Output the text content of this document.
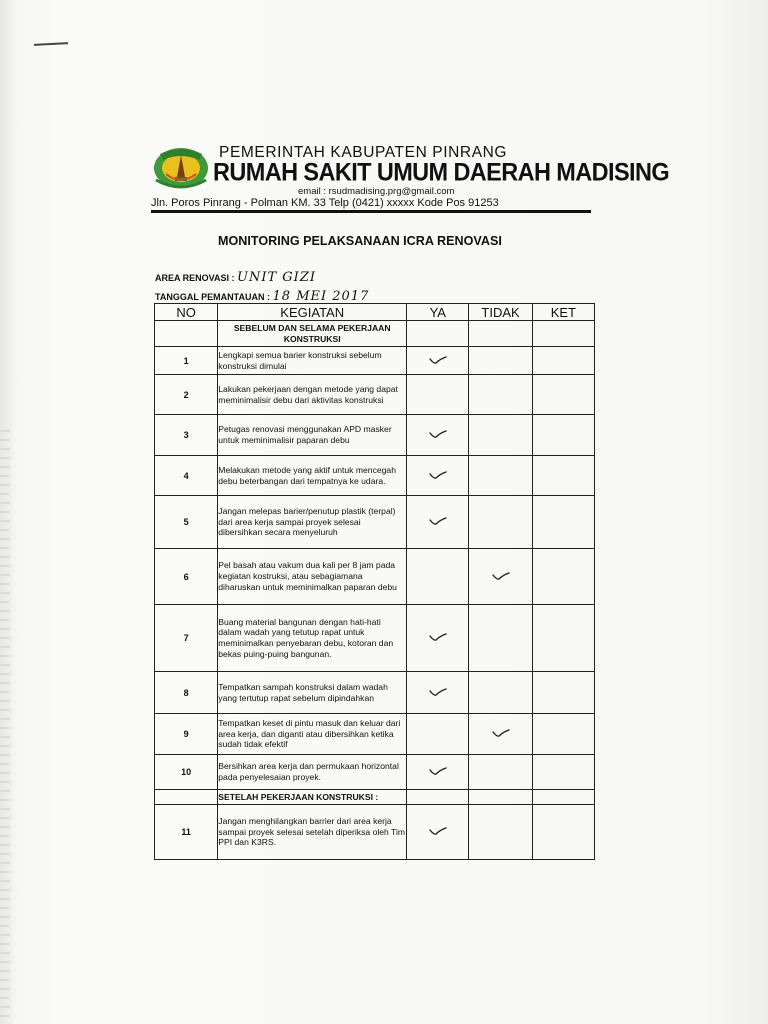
PEMERINTAH KABUPATEN PINRANG
RUMAH SAKIT UMUM DAERAH MADISING
email : rsudmadising.prg@gmail.com
Jln. Poros Pinrang - Polman KM. 33 Telp (0421) xxxxx Kode Pos 91253
MONITORING PELAKSANAAN ICRA RENOVASI
AREA RENOVASI : UNIT GIZI
TANGGAL PEMANTAUAN : 18 MEI 2017
NO	KEGIATAN	YA	TIDAK	KET
	SEBELUM DAN SELAMA PEKERJAAN KONSTRUKSI			
1	Lengkapi semua barier konstruksi sebelum konstruksi dimulai			
2	Lakukan pekerjaan dengan metode yang dapat meminimalisir debu dari aktivitas konstruksi			
3	Petugas renovasi menggunakan APD masker untuk meminimalisir paparan debu			
4	Melakukan metode yang aktif untuk mencegah debu beterbangan dari tempatnya ke udara.			
5	Jangan melepas barier/penutup plastik (terpal) dari area kerja sampai proyek selesai dibersihkan secara menyeluruh			
6	Pel basah atau vakum dua kali per 8 jam pada kegiatan kostruksi, atau sebagiamana diharuskan untuk meminimalkan paparan debu			
7	Buang material bangunan dengan hati-hati dalam wadah yang tetutup rapat untuk meminimalkan penyebaran debu, kotoran dan bekas puing-puing bangunan.			
8	Tempatkan sampah konstruksi dalam wadah yang tertutup rapat sebelum dipindahkan			
9	Tempatkan keset di pintu masuk dan keluar dari area kerja, dan diganti atau dibersihkan ketika sudah tidak efektif			
10	Bersihkan area kerja dan permukaan horizontal pada penyelesaian proyek.			
	SETELAH PEKERJAAN KONSTRUKSI :			
11	Jangan menghilangkan barrier dari area kerja sampai proyek selesai setelah diperiksa oleh Tim PPI dan K3RS.			
